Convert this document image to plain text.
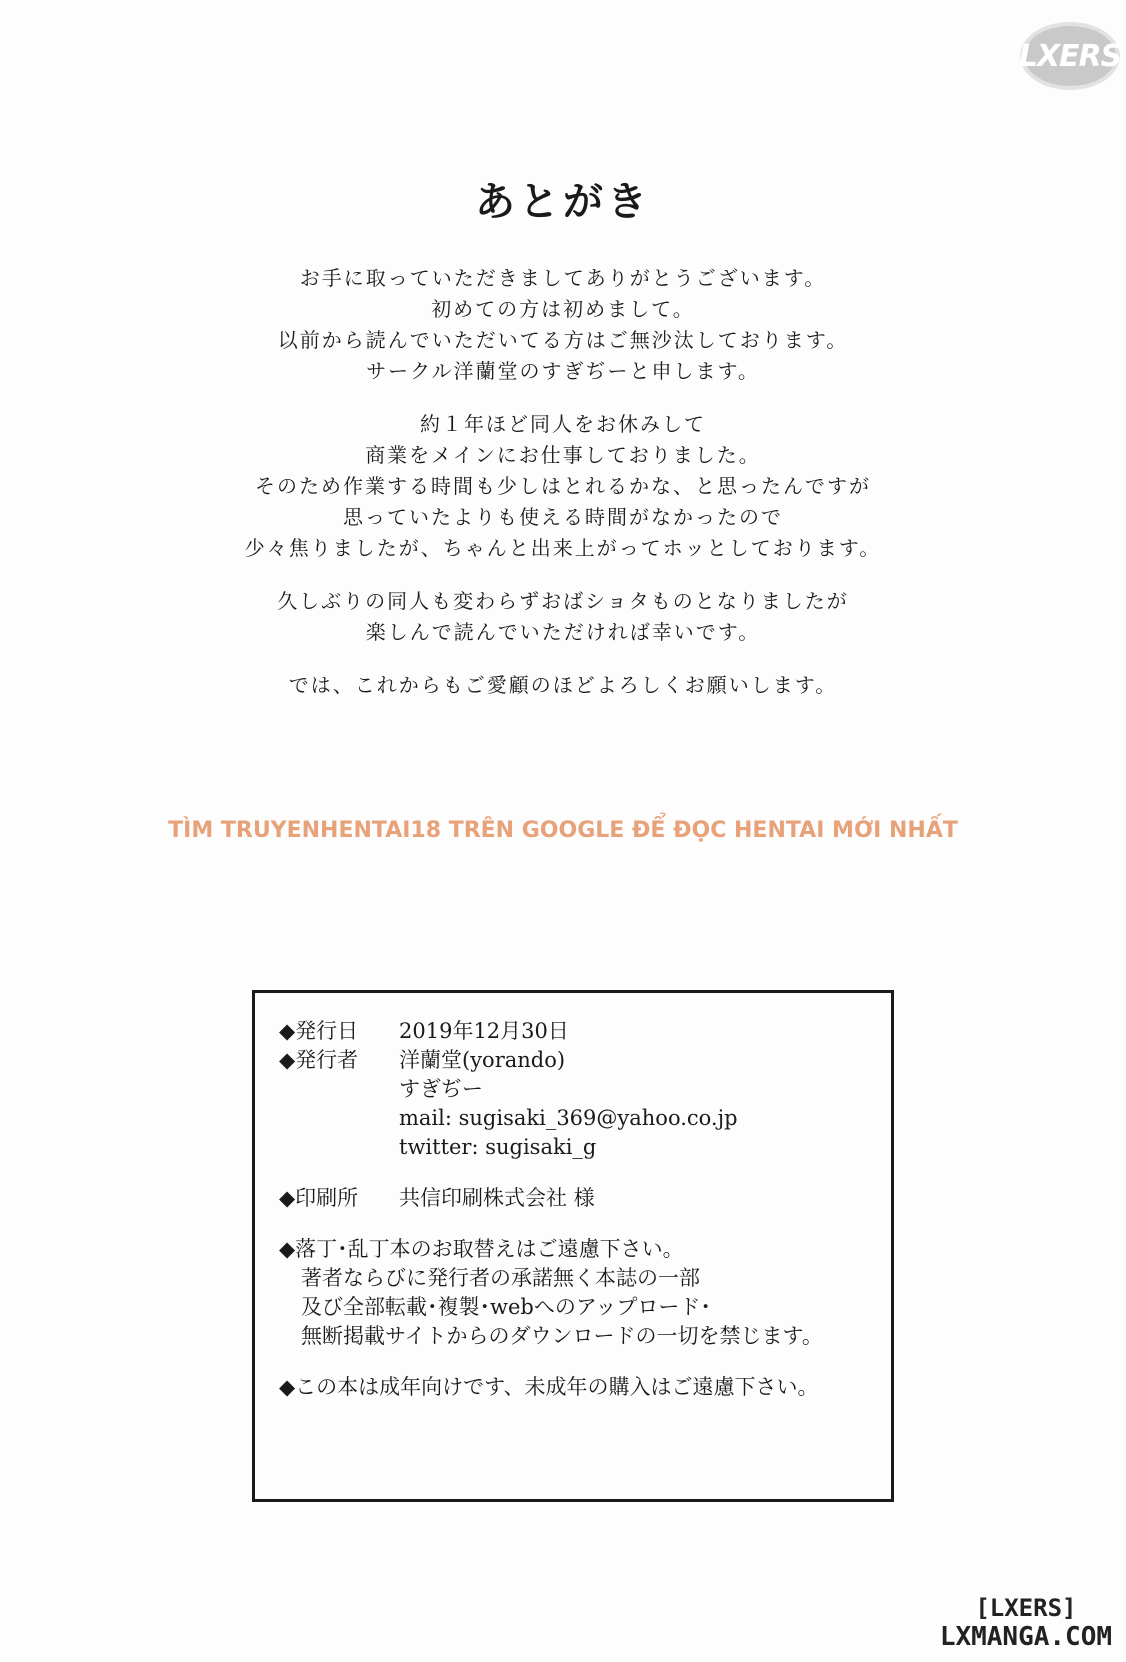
LXERS
あとがき
お手に取っていただきましてありがとうございます。
初めての方は初めまして。
以前から読んでいただいてる方はご無沙汰しております。
サークル洋蘭堂のすぎぢーと申します。
約１年ほど同人をお休みして
商業をメインにお仕事しておりました。
そのため作業する時間も少しはとれるかな、と思ったんですが
思っていたよりも使える時間がなかったので
少々焦りましたが、ちゃんと出来上がってホッとしております。
久しぶりの同人も変わらずおばショタものとなりましたが
楽しんで読んでいただければ幸いです。
では、これからもご愛顧のほどよろしくお願いします。
TÌM TRUYENHENTAI18 TRÊN GOOGLE ĐỂ ĐỌC HENTAI MỚI NHẤT
◆発行日	2019年12月30日
◆発行者	洋蘭堂(yorando)
すぎぢー
mail: sugisaki_369@yahoo.co.jp
twitter: sugisaki_g
◆印刷所	共信印刷株式会社 様
◆落丁･乱丁本のお取替えはご遠慮下さい。
著者ならびに発行者の承諾無く本誌の一部
及び全部転載･複製･webへのアップロード･
無断掲載サイトからのダウンロードの一切を禁じます。
◆この本は成年向けです、未成年の購入はご遠慮下さい。
[LXERS]
LXMANGA.COM
